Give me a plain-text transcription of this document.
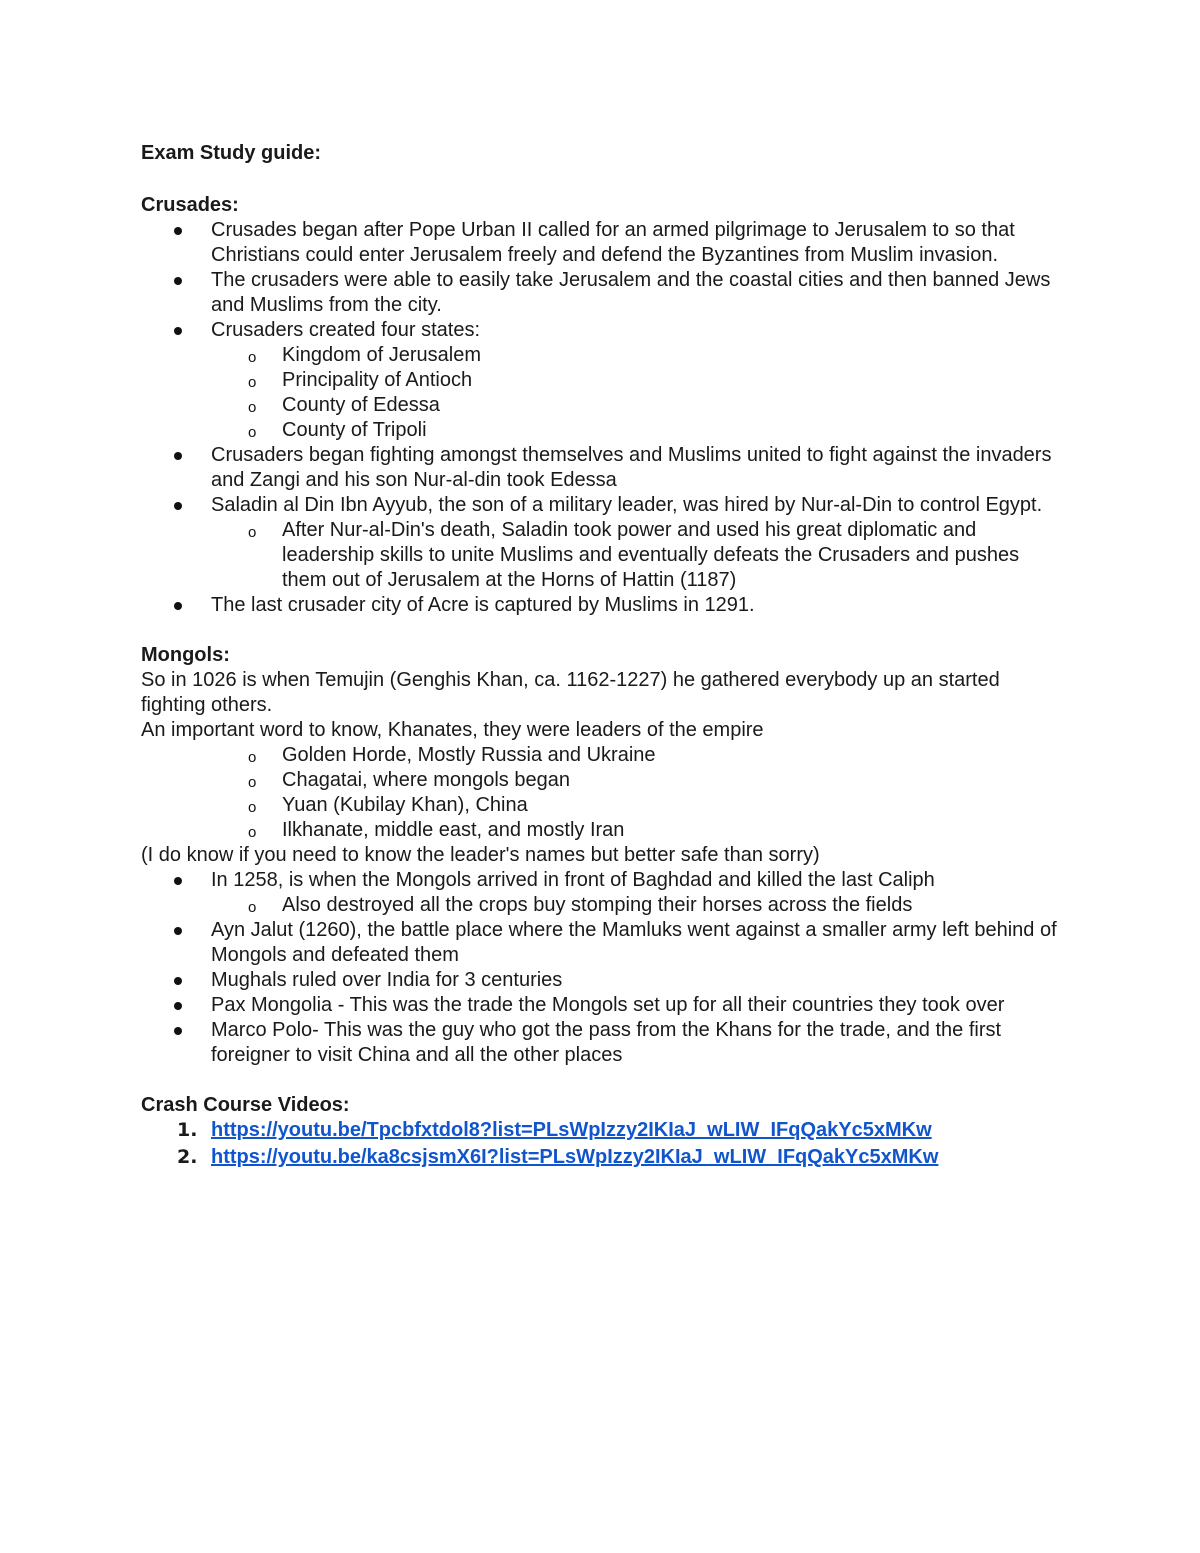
Exam Study guide:

Crusades:

Crusades began after Pope Urban II called for an armed pilgrimage to Jerusalem to so that Christians could enter Jerusalem freely and defend the Byzantines from Muslim invasion.
The crusaders were able to easily take Jerusalem and the coastal cities and then banned Jews and Muslims from the city.
Crusaders created four states:
o Kingdom of Jerusalem
o Principality of Antioch
o County of Edessa
o County of Tripoli
Crusaders began fighting amongst themselves and Muslims united to fight against the invaders and Zangi and his son Nur-al-din took Edessa
Saladin al Din Ibn Ayyub, the son of a military leader, was hired by Nur-al-Din to control Egypt.
o After Nur-al-Din's death, Saladin took power and used his great diplomatic and leadership skills to unite Muslims and eventually defeats the Crusaders and pushes them out of Jerusalem at the Horns of Hattin (1187)
The last crusader city of Acre is captured by Muslims in 1291.

Mongols:

So in 1026 is when Temujin (Genghis Khan, ca. 1162-1227) he gathered everybody up an started fighting others.

An important word to know, Khanates, they were leaders of the empire

o Golden Horde, Mostly Russia and Ukraine
o Chagatai, where mongols began
o Yuan (Kubilay Khan), China
o Ilkhanate, middle east, and mostly Iran

(I do know if you need to know the leader's names but better safe than sorry)

In 1258, is when the Mongols arrived in front of Baghdad and killed the last Caliph
o Also destroyed all the crops buy stomping their horses across the fields
Ayn Jalut (1260), the battle place where the Mamluks went against a smaller army left behind of Mongols and defeated them
Mughals ruled over India for 3 centuries
Pax Mongolia - This was the trade the Mongols set up for all their countries they took over
Marco Polo- This was the guy who got the pass from the Khans for the trade, and the first foreigner to visit China and all the other places

Crash Course Videos:

1. https://youtu.be/Tpcbfxtdol8?list=PLsWpIzzy2IKIaJ_wLIW_IFqQakYc5xMKw
2. https://youtu.be/ka8csjsmX6I?list=PLsWpIzzy2IKIaJ_wLIW_IFqQakYc5xMKw
